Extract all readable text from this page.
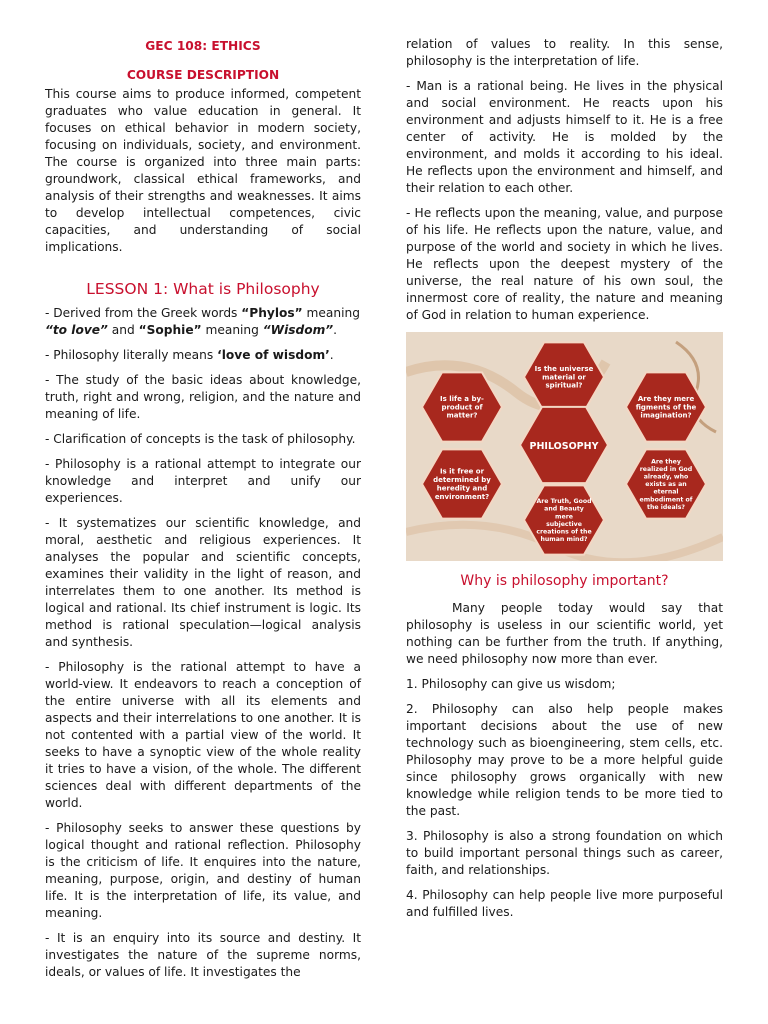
GEC 108: ETHICS
COURSE DESCRIPTION

This course aims to produce informed, competent graduates who value education in general. It focuses on ethical behavior in modern society, focusing on individuals, society, and environment. The course is organized into three main parts: groundwork, classical ethical frameworks, and analysis of their strengths and weaknesses. It aims to develop intellectual competences, civic capacities, and understanding of social implications.

LESSON 1: What is Philosophy

- Derived from the Greek words “Phylos” meaning “to love” and “Sophie” meaning “Wisdom”.

- Philosophy literally means ‘love of wisdom’.

- The study of the basic ideas about knowledge, truth, right and wrong, religion, and the nature and meaning of life.

- Clarification of concepts is the task of philosophy.

- Philosophy is a rational attempt to integrate our knowledge and interpret and unify our experiences.

- It systematizes our scientific knowledge, and moral, aesthetic and religious experiences. It analyses the popular and scientific concepts, examines their validity in the light of reason, and interrelates them to one another. Its method is logical and rational. Its chief instrument is logic. Its method is rational speculation—logical analysis and synthesis.

- Philosophy is the rational attempt to have a world-view. It endeavors to reach a conception of the entire universe with all its elements and aspects and their interrelations to one another. It is not contented with a partial view of the world. It seeks to have a synoptic view of the whole reality it tries to have a vision, of the whole. The different sciences deal with different departments of the world.

- Philosophy seeks to answer these questions by logical thought and rational reflection. Philosophy is the criticism of life. It enquires into the nature, meaning, purpose, origin, and destiny of human life. It is the interpretation of life, its value, and meaning.

- It is an enquiry into its source and destiny. It investigates the nature of the supreme norms, ideals, or values of life. It investigates the

relation of values to reality. In this sense, philosophy is the interpretation of life.

- Man is a rational being. He lives in the physical and social environment. He reacts upon his environment and adjusts himself to it. He is a free center of activity. He is molded by the environment, and molds it according to his ideal. He reflects upon the environment and himself, and their relation to each other.

- He reflects upon the meaning, value, and purpose of his life. He reflects upon the nature, value, and purpose of the world and society in which he lives. He reflects upon the deepest mystery of the universe, the real nature of his own soul, the innermost core of reality, the nature and meaning of God in relation to human experience.

Is the universe
material or
spiritual?
Are they mere
figments of the
imagination?
Are they
realized in God
already, who
exists as an
eternal
embodiment of
the ideals?
Are Truth, Good
and Beauty
mere
subjective
creations of the
human mind?
Is it free or
determined by
heredity and
environment?
Is life a by-
product of
matter?
PHILOSOPHY
Why is philosophy important?

Many people today would say that philosophy is useless in our scientific world, yet nothing can be further from the truth. If anything, we need philosophy now more than ever.

1. Philosophy can give us wisdom;

2. Philosophy can also help people makes important decisions about the use of new technology such as bioengineering, stem cells, etc. Philosophy may prove to be a more helpful guide since philosophy grows organically with new knowledge while religion tends to be more tied to the past.

3. Philosophy is also a strong foundation on which to build important personal things such as career, faith, and relationships.

4. Philosophy can help people live more purposeful and fulfilled lives.
